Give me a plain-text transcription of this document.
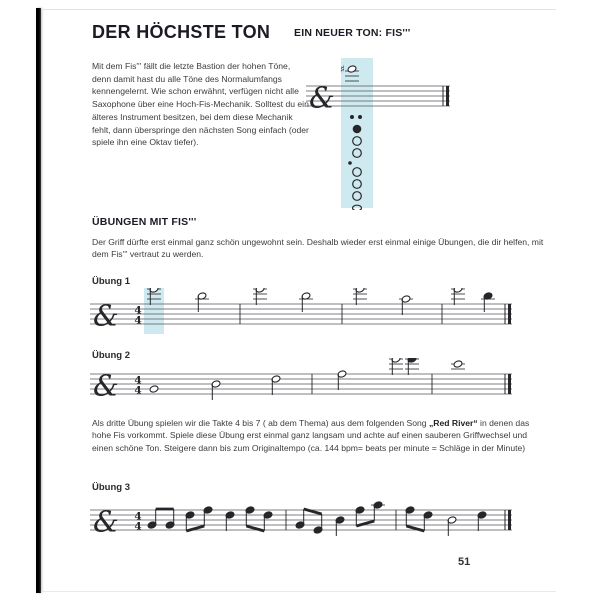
DER HÖCHSTE TON

Mit dem Fis''' fällt die letzte Bastion der hohen Töne, denn damit hast du alle Töne des Normalumfangs kennengelernt. Wie schon erwähnt, verfügen nicht alle Saxophone über eine Hoch-Fis-Mechanik. Solltest du ein älteres Instrument besitzen, bei dem diese Mechanik fehlt, dann überspringe den nächsten Song einfach (oder spiele ihn eine Oktav tiefer).

EIN NEUER TON: FIS'''
&
♯
ÜBUNGEN MIT FIS'''

Der Griff dürfte erst einmal ganz schön ungewohnt sein. Deshalb wieder erst einmal einige Übungen, die dir helfen, mit dem Fis''' vertraut zu werden.

Übung 1
& 4
4
Übung 2
& 4
4

Als dritte Übung spielen wir die Takte 4 bis 7 ( ab dem Thema) aus dem folgenden Song „Red River“ in denen das hohe Fis vorkommt. Spiele diese Übung erst einmal ganz langsam und achte auf einen sauberen Griffwechsel und einen schöne Ton. Steigere dann bis zum Originaltempo (ca. 144 bpm= beats per minute = Schläge in der Minute)

Übung 3
& 4
4
51
